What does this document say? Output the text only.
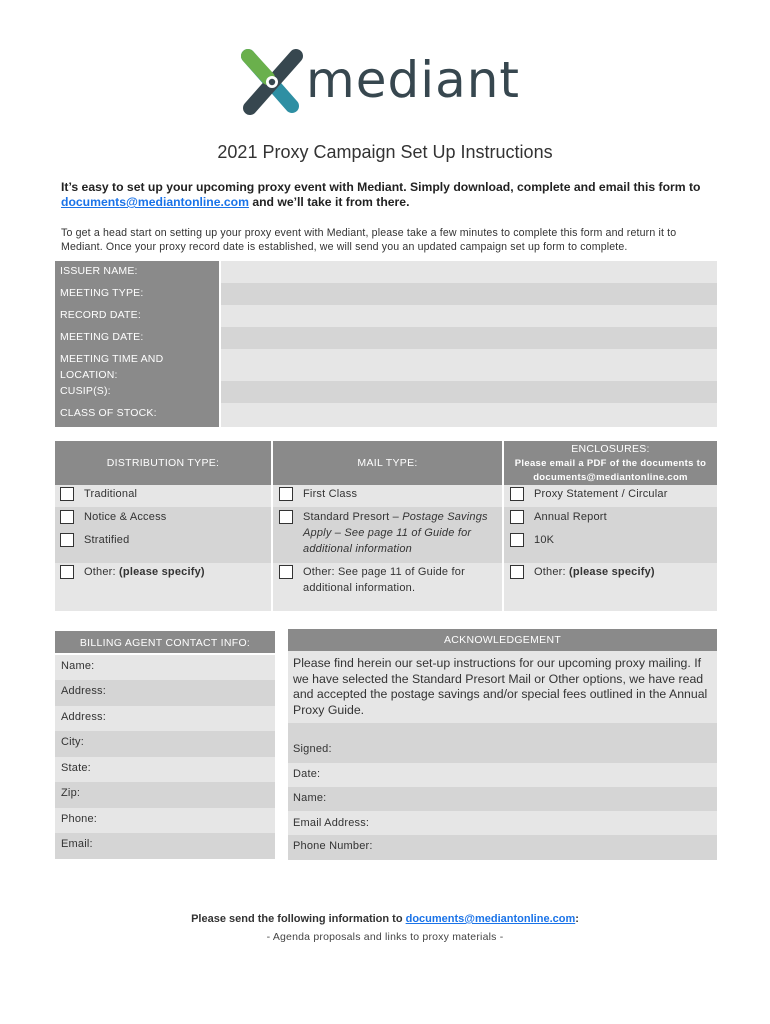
mediant
2021 Proxy Campaign Set Up Instructions
It’s easy to set up your upcoming proxy event with Mediant. Simply download, complete and email this form to
documents@mediantonline.com and we’ll take it from there.
To get a head start on setting up your proxy event with Mediant, please take a few minutes to complete this form and return it to Mediant. Once your proxy record date is established, we will send you an updated campaign set up form to complete.
ISSUER NAME:
MEETING TYPE:
RECORD DATE:
MEETING DATE:
MEETING TIME AND
LOCATION:
CUSIP(S):
CLASS OF STOCK:
DISTRIBUTION TYPE:	MAIL TYPE:
ENCLOSURES:
Please email a PDF of the documents to
documents@mediantonline.com
Traditional
Notice & Access
Stratified
Other: (please specify)
First Class
Standard Presort – Postage Savings
Apply – See page 11 of Guide for
additional information
Other: See page 11 of Guide for
additional information.
Proxy Statement / Circular
Annual Report
10K
Other: (please specify)
BILLING AGENT CONTACT INFO:
Name:
Address:
Address:
City:
State:
Zip:
Phone:
Email:
ACKNOWLEDGEMENT
Please find herein our set-up instructions for our upcoming proxy mailing. If we have selected the Standard Presort Mail or Other options, we have read and accepted the postage savings and/or special fees outlined in the Annual Proxy Guide.
Signed:
Date:
Name:
Email Address:
Phone Number:
Please send the following information to documents@mediantonline.com:
- Agenda proposals and links to proxy materials -
